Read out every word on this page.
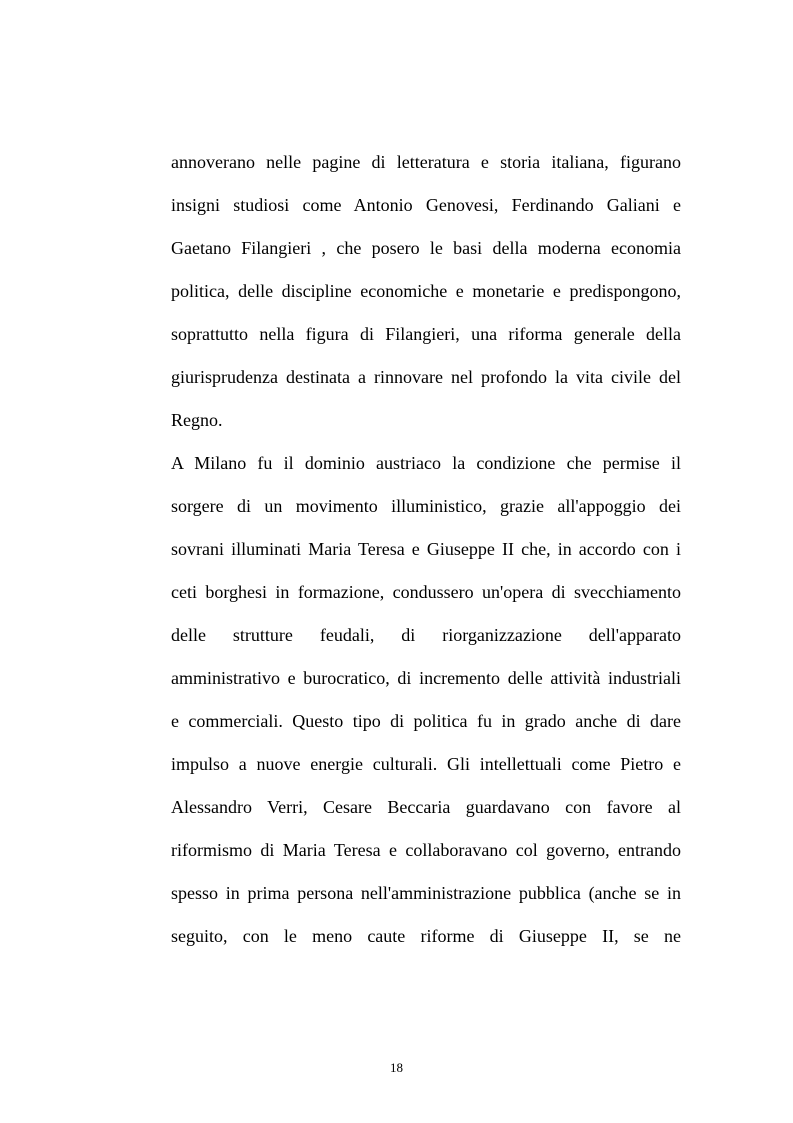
annoverano nelle pagine di letteratura e storia italiana, figurano
insigni studiosi come Antonio Genovesi, Ferdinando Galiani e
Gaetano Filangieri , che posero le basi della moderna economia
politica, delle discipline economiche e monetarie e predispongono,
soprattutto nella figura di Filangieri, una riforma generale della
giurisprudenza destinata a rinnovare nel profondo la vita civile del
Regno.
A Milano fu il dominio austriaco la condizione che permise il
sorgere di un movimento illuministico, grazie all'appoggio dei
sovrani illuminati Maria Teresa e Giuseppe II che, in accordo con i
ceti borghesi in formazione, condussero un'opera di svecchiamento
delle strutture feudali, di riorganizzazione dell'apparato
amministrativo e burocratico, di incremento delle attività industriali
e commerciali. Questo tipo di politica fu in grado anche di dare
impulso a nuove energie culturali. Gli intellettuali come Pietro e
Alessandro Verri, Cesare Beccaria guardavano con favore al
riformismo di Maria Teresa e collaboravano col governo, entrando
spesso in prima persona nell'amministrazione pubblica (anche se in
seguito, con le meno caute riforme di Giuseppe II, se ne
18
